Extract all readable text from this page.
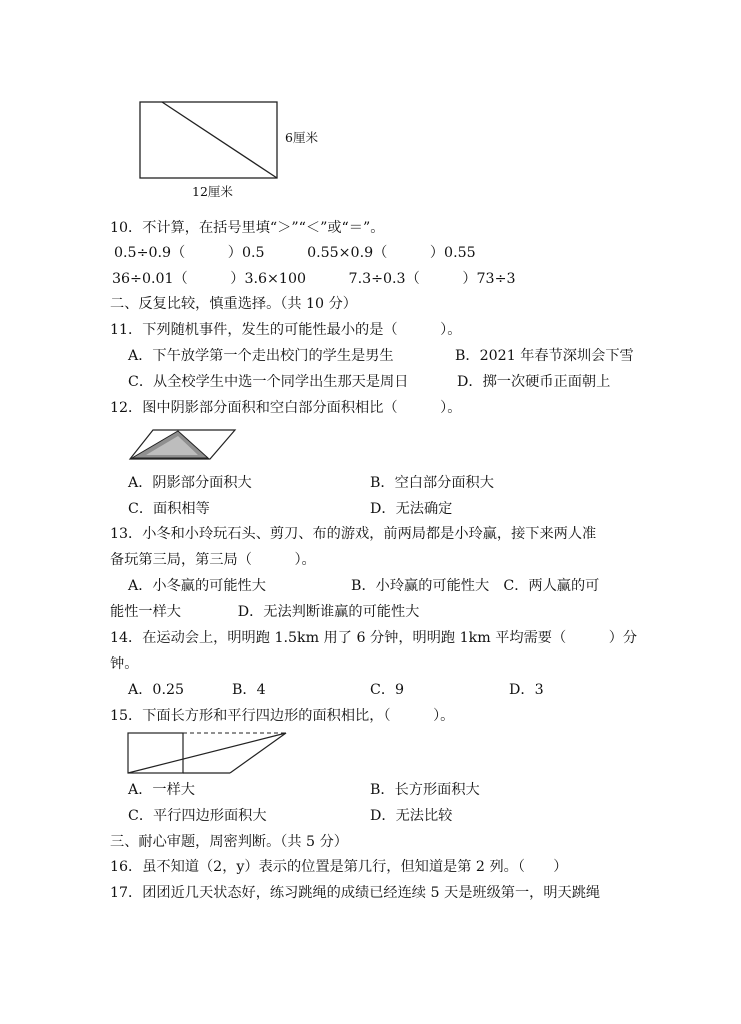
6厘米
12厘米
10．不计算，在括号里填“＞”“＜”或“＝”。
0.5÷0.9（　　　）0.5　　　0.55×0.9（　　　）0.55
36÷0.01（　　　）3.6×100　　　7.3÷0.3（　　　）73÷3
二、反复比较，慎重选择。（共 10 分）
11．下列随机事件，发生的可能性最小的是（　　　）。
A．下午放学第一个走出校门的学生是男生	B．2021 年春节深圳会下雪
C．从全校学生中选一个同学出生那天是周日	D．掷一次硬币正面朝上
12．图中阴影部分面积和空白部分面积相比（　　　）。
A．阴影部分面积大	B．空白部分面积大
C．面积相等	D．无法确定
13．小冬和小玲玩石头、剪刀、布的游戏，前两局都是小玲赢，接下来两人准
备玩第三局，第三局（　　　）。
A．小冬赢的可能性大　　　　　　B．小玲赢的可能性大　C．两人赢的可
能性一样大　　　　D．无法判断谁赢的可能性大
14．在运动会上，明明跑 1.5km 用了 6 分钟，明明跑 1km 平均需要（　　　）分
钟。
A．0.25	B．4	C．9	D．3
15．下面长方形和平行四边形的面积相比，（　　　）。
A．一样大	B．长方形面积大
C．平行四边形面积大	D．无法比较
三、耐心审题，周密判断。（共 5 分）
16．虽不知道（2，y）表示的位置是第几行，但知道是第 2 列。（　　）
17．团团近几天状态好，练习跳绳的成绩已经连续 5 天是班级第一，明天跳绳
